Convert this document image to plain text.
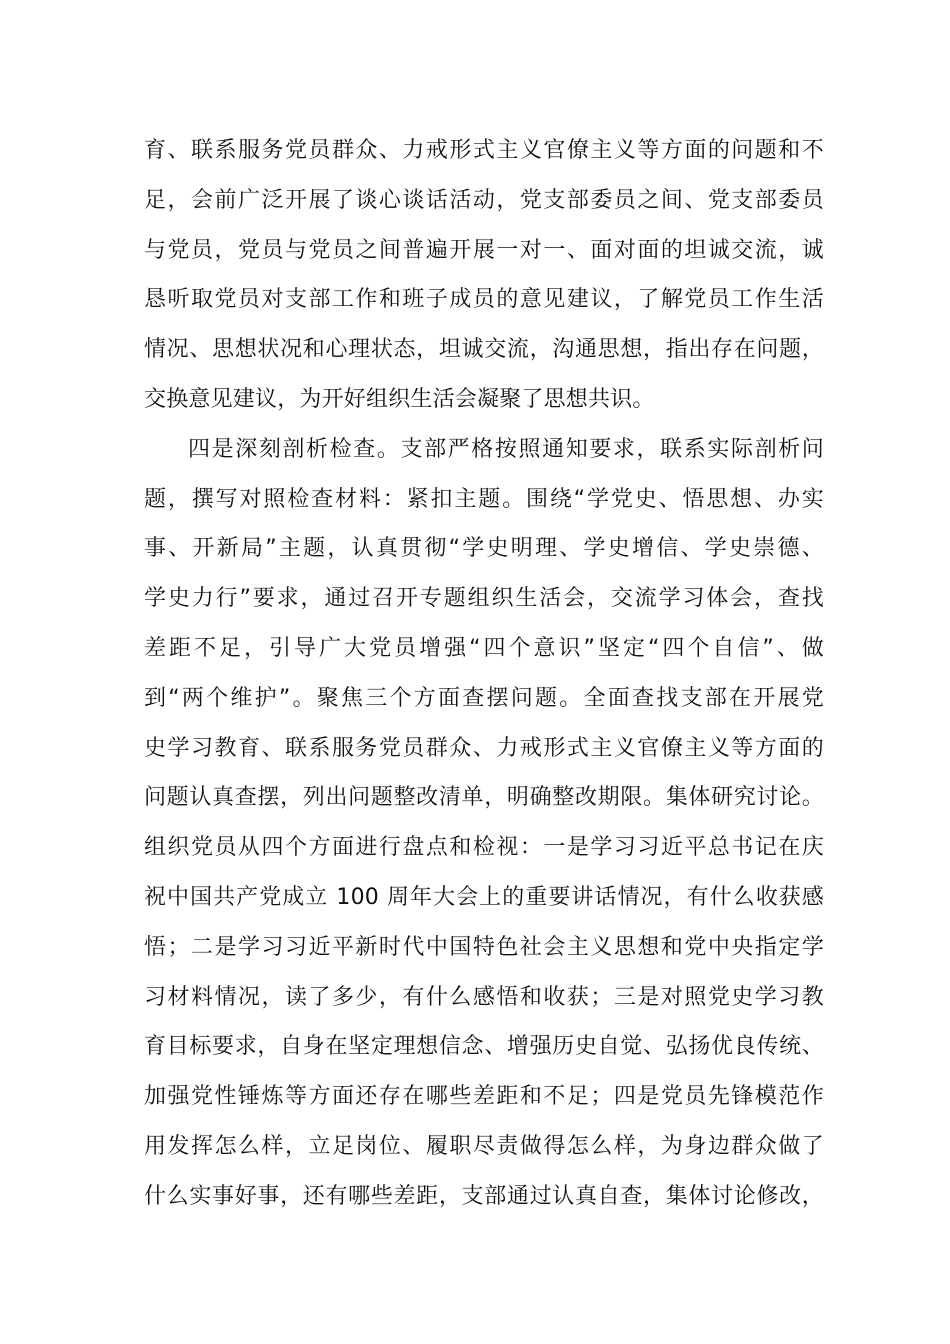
育、联系服务党员群众、力戒形式主义官僚主义等方面的问题和不
足，会前广泛开展了谈心谈话活动，党支部委员之间、党支部委员
与党员，党员与党员之间普遍开展一对一、面对面的坦诚交流，诚
恳听取党员对支部工作和班子成员的意见建议，了解党员工作生活
情况、思想状况和心理状态，坦诚交流，沟通思想，指出存在问题，
交换意见建议，为开好组织生活会凝聚了思想共识。
四是深刻剖析检查。支部严格按照通知要求，联系实际剖析问
题，撰写对照检查材料：紧扣主题。围绕“学党史、悟思想、办实
事、开新局”主题，认真贯彻“学史明理、学史增信、学史崇德、
学史力行”要求，通过召开专题组织生活会，交流学习体会，查找
差距不足，引导广大党员增强“四个意识”坚定“四个自信”、做
到“两个维护”。聚焦三个方面查摆问题。全面查找支部在开展党
史学习教育、联系服务党员群众、力戒形式主义官僚主义等方面的
问题认真查摆，列出问题整改清单，明确整改期限。集体研究讨论。
组织党员从四个方面进行盘点和检视：一是学习习近平总书记在庆
祝中国共产党成立 100 周年大会上的重要讲话情况，有什么收获感
悟；二是学习习近平新时代中国特色社会主义思想和党中央指定学
习材料情况，读了多少，有什么感悟和收获；三是对照党史学习教
育目标要求，自身在坚定理想信念、增强历史自觉、弘扬优良传统、
加强党性锤炼等方面还存在哪些差距和不足；四是党员先锋模范作
用发挥怎么样，立足岗位、履职尽责做得怎么样，为身边群众做了
什么实事好事，还有哪些差距，支部通过认真自查，集体讨论修改，
